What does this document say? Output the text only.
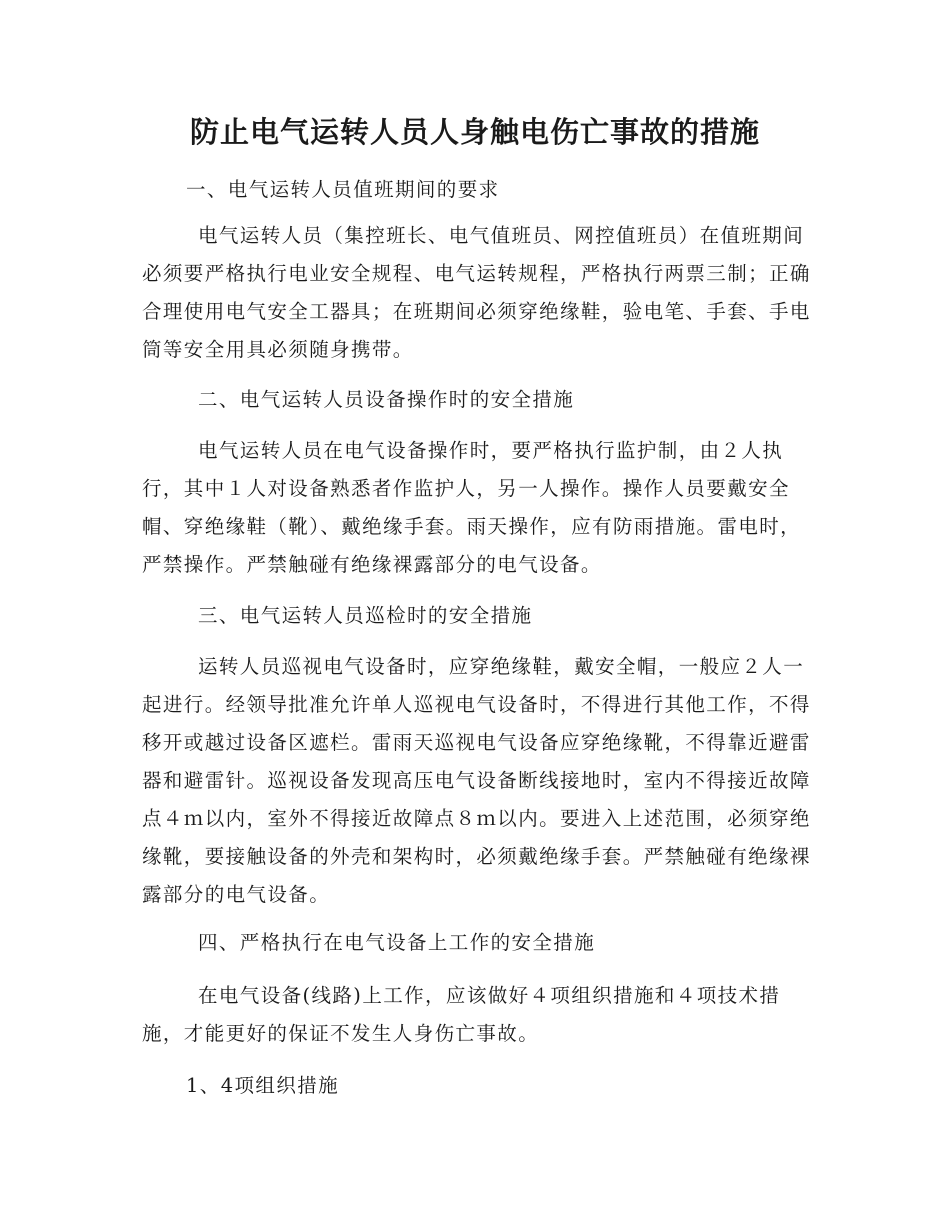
防止电气运转人员人身触电伤亡事故的措施

一、电气运转人员值班期间的要求

电气运转人员（集控班长、电气值班员、网控值班员）在值班期间必须要严格执行电业安全规程、电气运转规程，严格执行两票三制；正确合理使用电气安全工器具；在班期间必须穿绝缘鞋，验电笔、手套、手电筒等安全用具必须随身携带。

二、电气运转人员设备操作时的安全措施

电气运转人员在电气设备操作时，要严格执行监护制，由２人执行，其中１人对设备熟悉者作监护人，另一人操作。操作人员要戴安全帽、穿绝缘鞋（靴）、戴绝缘手套。雨天操作，应有防雨措施。雷电时，严禁操作。严禁触碰有绝缘裸露部分的电气设备。

三、电气运转人员巡检时的安全措施

运转人员巡视电气设备时，应穿绝缘鞋，戴安全帽，一般应２人一起进行。经领导批准允许单人巡视电气设备时，不得进行其他工作，不得移开或越过设备区遮栏。雷雨天巡视电气设备应穿绝缘靴，不得靠近避雷器和避雷针。巡视设备发现高压电气设备断线接地时，室内不得接近故障点４ｍ以内，室外不得接近故障点８ｍ以内。要进入上述范围，必须穿绝缘靴，要接触设备的外壳和架构时，必须戴绝缘手套。严禁触碰有绝缘裸露部分的电气设备。

四、严格执行在电气设备上工作的安全措施

在电气设备(线路)上工作，应该做好４项组织措施和４项技术措施，才能更好的保证不发生人身伤亡事故。

1、4项组织措施
